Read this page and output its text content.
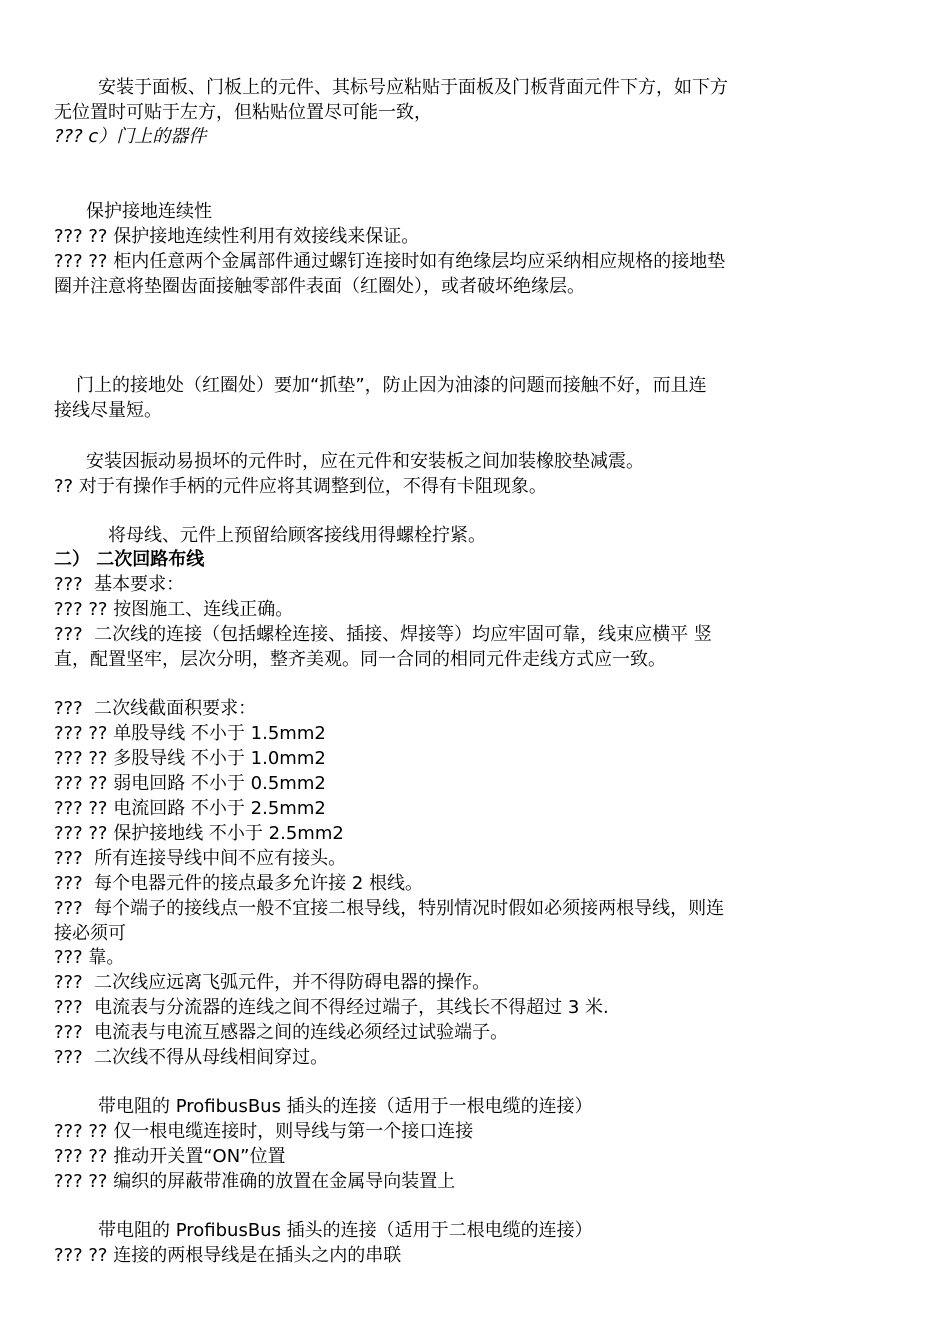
安装于面板、门板上的元件、其标号应粘贴于面板及门板背面元件下方，如下方
无位置时可贴于左方，但粘贴位置尽可能一致，
??? c）门上的器件
保护接地连续性
??? ?? 保护接地连续性利用有效接线来保证。
??? ?? 柜内任意两个金属部件通过螺钉连接时如有绝缘层均应采纳相应规格的接地垫
圈并注意将垫圈齿面接触零部件表面（红圈处），或者破坏绝缘层。
门上的接地处（红圈处）要加“抓垫”，防止因为油漆的问题而接触不好，而且连
接线尽量短。
安装因振动易损坏的元件时，应在元件和安装板之间加装橡胶垫减震。
?? 对于有操作手柄的元件应将其调整到位，不得有卡阻现象。
将母线、元件上预留给顾客接线用得螺栓拧紧。
二） 二次回路布线
???  基本要求：
??? ?? 按图施工、连线正确。
???  二次线的连接（包括螺栓连接、插接、焊接等）均应牢固可靠，线束应横平 竖
直，配置坚牢，层次分明，整齐美观。同一合同的相同元件走线方式应一致。
???  二次线截面积要求：
??? ?? 单股导线 不小于 1.5mm2
??? ?? 多股导线 不小于 1.0mm2
??? ?? 弱电回路 不小于 0.5mm2
??? ?? 电流回路 不小于 2.5mm2
??? ?? 保护接地线 不小于 2.5mm2
???  所有连接导线中间不应有接头。
???  每个电器元件的接点最多允许接 2 根线。
???  每个端子的接线点一般不宜接二根导线，特别情况时假如必须接两根导线，则连
接必须可
??? 靠。
???  二次线应远离飞弧元件，并不得防碍电器的操作。
???  电流表与分流器的连线之间不得经过端子，其线长不得超过 3 米.
???  电流表与电流互感器之间的连线必须经过试验端子。
???  二次线不得从母线相间穿过。
带电阻的 ProfibusBus 插头的连接（适用于一根电缆的连接）
??? ?? 仅一根电缆连接时，则导线与第一个接口连接
??? ?? 推动开关置“ON”位置
??? ?? 编织的屏蔽带准确的放置在金属导向装置上
带电阻的 ProfibusBus 插头的连接（适用于二根电缆的连接）
??? ?? 连接的两根导线是在插头之内的串联
